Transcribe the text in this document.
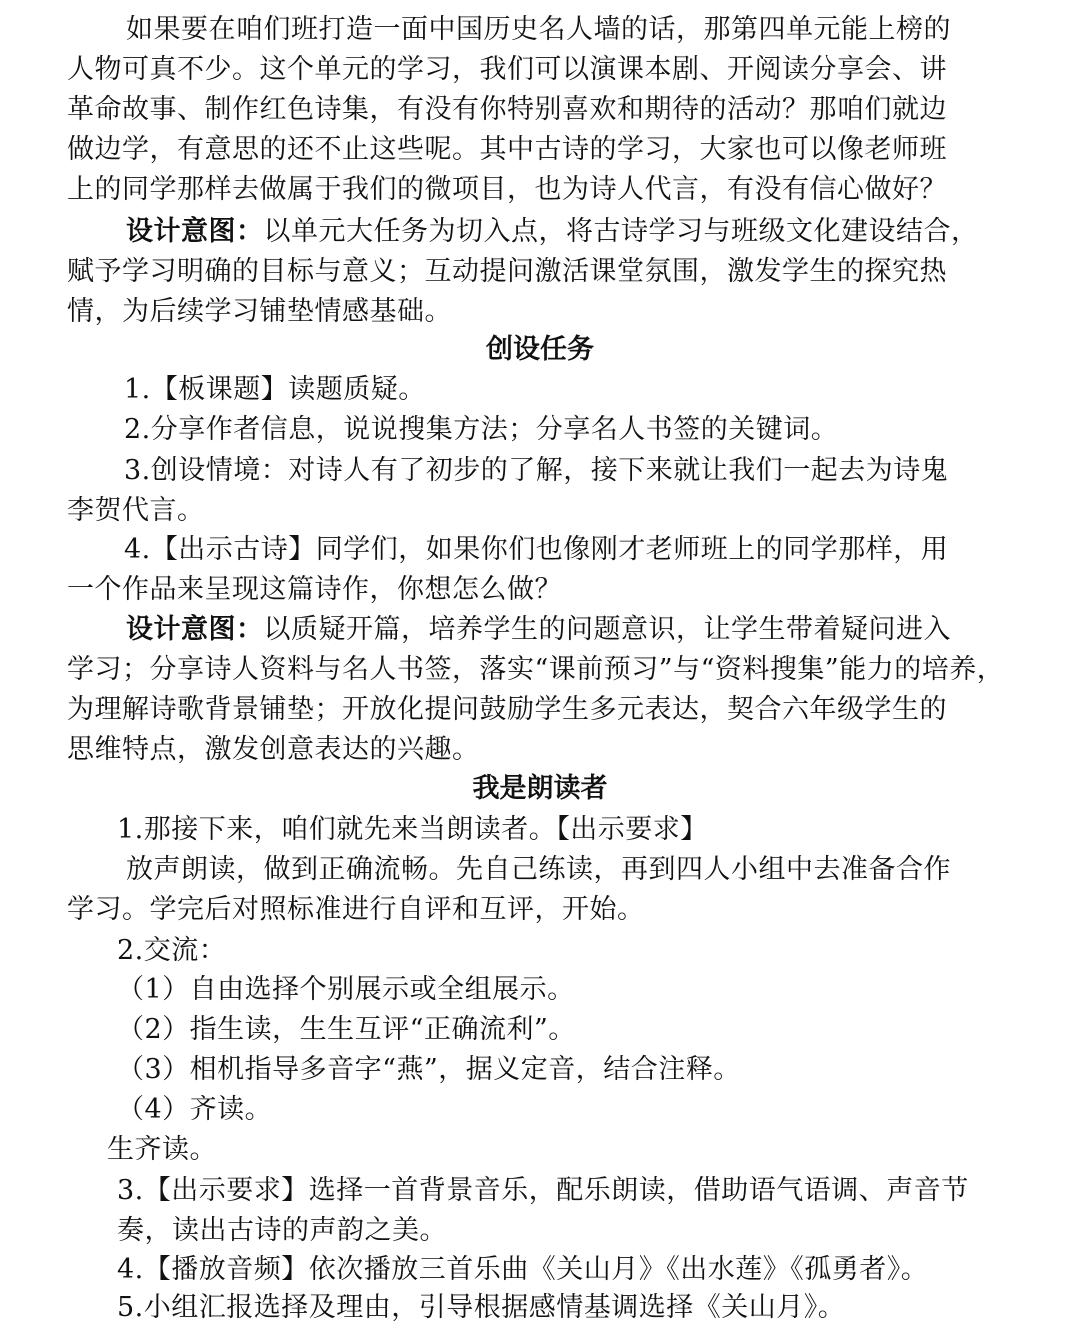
如果要在咱们班打造一面中国历史名人墙的话，那第四单元能上榜的
人物可真不少。这个单元的学习，我们可以演课本剧、开阅读分享会、讲
革命故事、制作红色诗集，有没有你特别喜欢和期待的活动？那咱们就边
做边学，有意思的还不止这些呢。其中古诗的学习，大家也可以像老师班
上的同学那样去做属于我们的微项目，也为诗人代言，有没有信心做好？
设计意图：以单元大任务为切入点，将古诗学习与班级文化建设结合，
赋予学习明确的目标与意义；互动提问激活课堂氛围，激发学生的探究热
情，为后续学习铺垫情感基础。
创设任务
1.【板课题】读题质疑。
2.分享作者信息，说说搜集方法；分享名人书签的关键词。
3.创设情境：对诗人有了初步的了解，接下来就让我们一起去为诗鬼
李贺代言。
4.【出示古诗】同学们，如果你们也像刚才老师班上的同学那样，用
一个作品来呈现这篇诗作，你想怎么做？
设计意图：以质疑开篇，培养学生的问题意识，让学生带着疑问进入
学习；分享诗人资料与名人书签，落实“课前预习”与“资料搜集”能力的培养，
为理解诗歌背景铺垫；开放化提问鼓励学生多元表达，契合六年级学生的
思维特点，激发创意表达的兴趣。
我是朗读者
1.那接下来，咱们就先来当朗读者。【出示要求】
放声朗读，做到正确流畅。先自己练读，再到四人小组中去准备合作
学习。学完后对照标准进行自评和互评，开始。
2.交流：
（1）自由选择个别展示或全组展示。
（2）指生读，生生互评“正确流利”。
（3）相机指导多音字“燕”，据义定音，结合注释。
（4）齐读。
生齐读。
3.【出示要求】选择一首背景音乐，配乐朗读，借助语气语调、声音节
奏，读出古诗的声韵之美。
4.【播放音频】依次播放三首乐曲《关山月》《出水莲》《孤勇者》。
5.小组汇报选择及理由，引导根据感情基调选择《关山月》。
